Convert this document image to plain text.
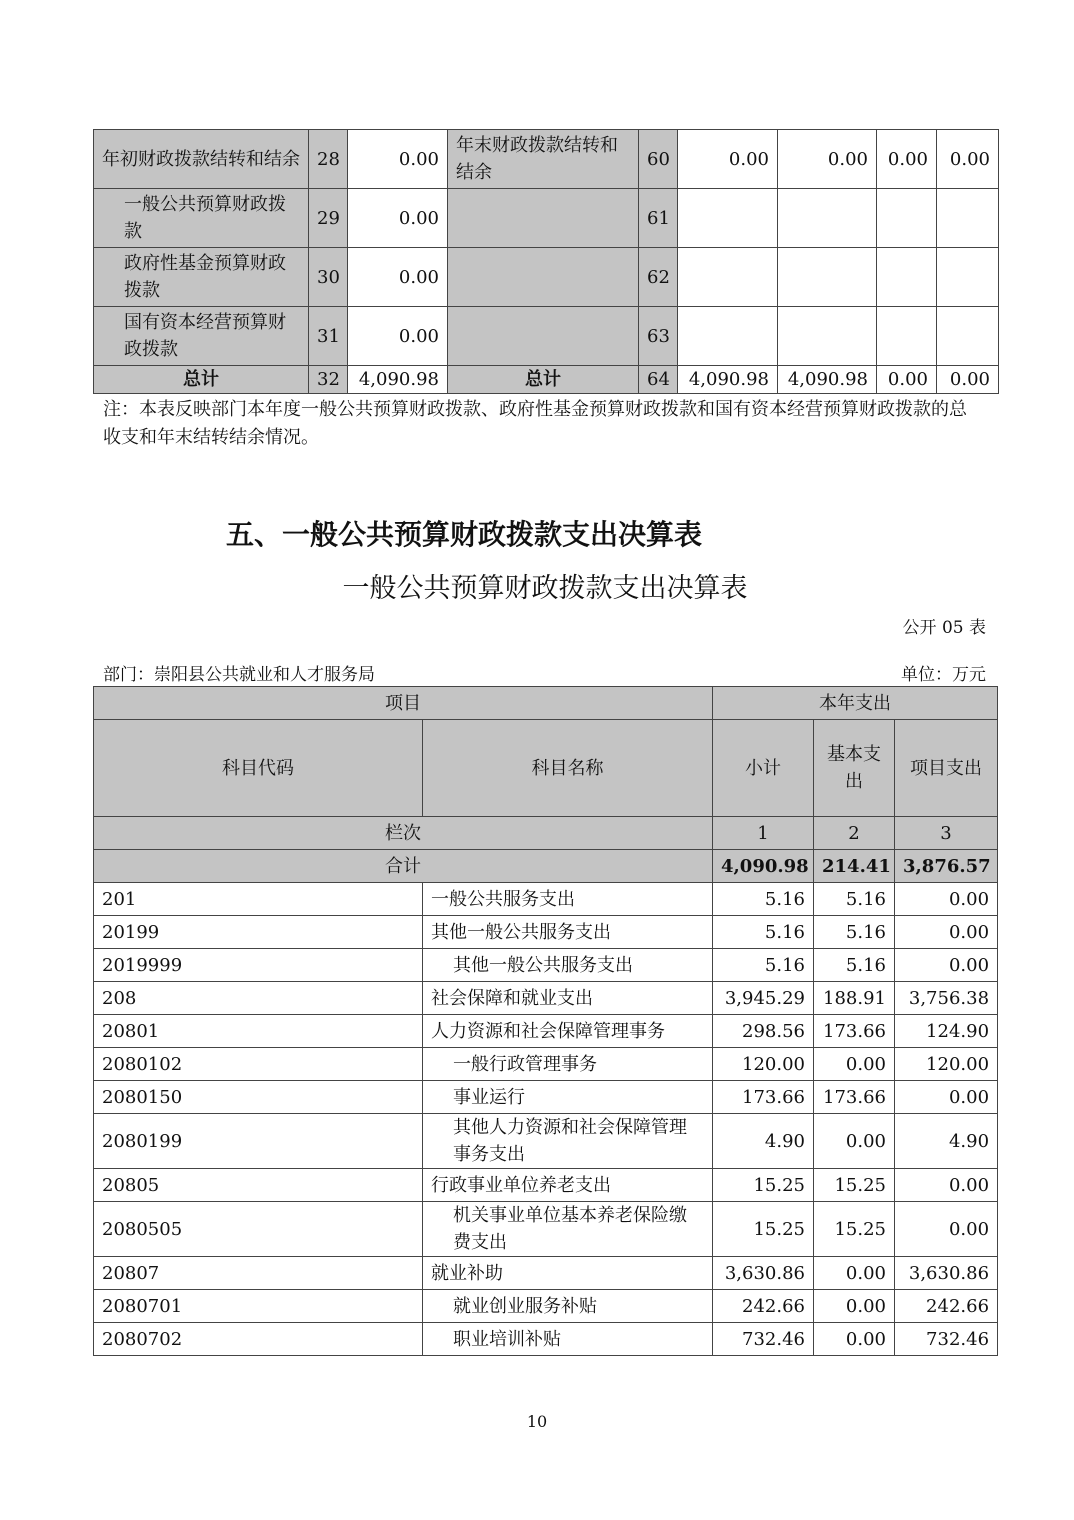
年初财政拨款结转和结余	28	0.00	年末财政拨款结转和结余	60	0.00	0.00	0.00	0.00
一般公共预算财政拨款	29	0.00		61				
政府性基金预算财政拨款	30	0.00		62				
国有资本经营预算财政拨款	31	0.00		63				
总计	32	4,090.98	总计	64	4,090.98	4,090.98	0.00	0.00
注：本表反映部门本年度一般公共预算财政拨款、政府性基金预算财政拨款和国有资本经营预算财政拨款的总收支和年末结转结余情况。
五、一般公共预算财政拨款支出决算表
一般公共预算财政拨款支出决算表
公开 05 表
部门：崇阳县公共就业和人才服务局	单位：万元
项目		本年支出		
科目代码	科目名称	小计	基本支出	项目支出
栏次		1	2	3
合计		4,090.98	214.41	3,876.57
201	一般公共服务支出	5.16	5.16	0.00
20199	其他一般公共服务支出	5.16	5.16	0.00
2019999	其他一般公共服务支出	5.16	5.16	0.00
208	社会保障和就业支出	3,945.29	188.91	3,756.38
20801	人力资源和社会保障管理事务	298.56	173.66	124.90
2080102	一般行政管理事务	120.00	0.00	120.00
2080150	事业运行	173.66	173.66	0.00
2080199	其他人力资源和社会保障管理事务支出	4.90	0.00	4.90
20805	行政事业单位养老支出	15.25	15.25	0.00
2080505	机关事业单位基本养老保险缴费支出	15.25	15.25	0.00
20807	就业补助	3,630.86	0.00	3,630.86
2080701	就业创业服务补贴	242.66	0.00	242.66
2080702	职业培训补贴	732.46	0.00	732.46
10
